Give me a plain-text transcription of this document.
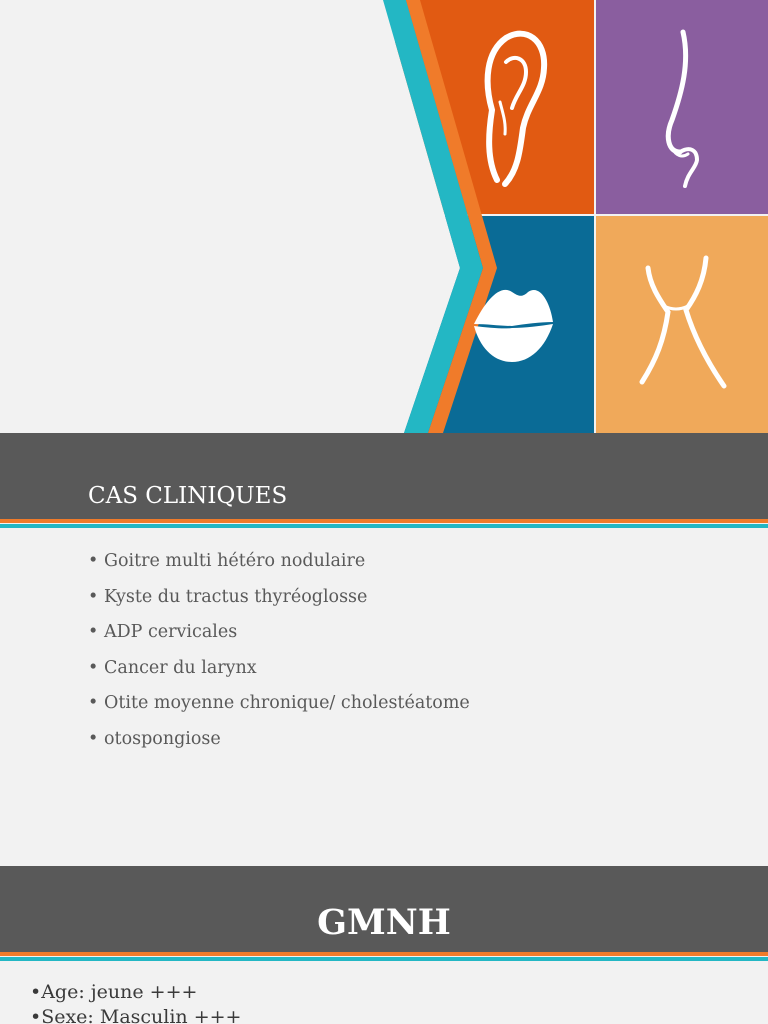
CAS CLINIQUES
• Goitre multi hétéro nodulaire
• Kyste du tractus thyréoglosse
• ADP cervicales
• Cancer du larynx
• Otite moyenne chronique/ cholestéatome
• otospongiose
GMNH
•Age: jeune +++
•Sexe: Masculin +++
